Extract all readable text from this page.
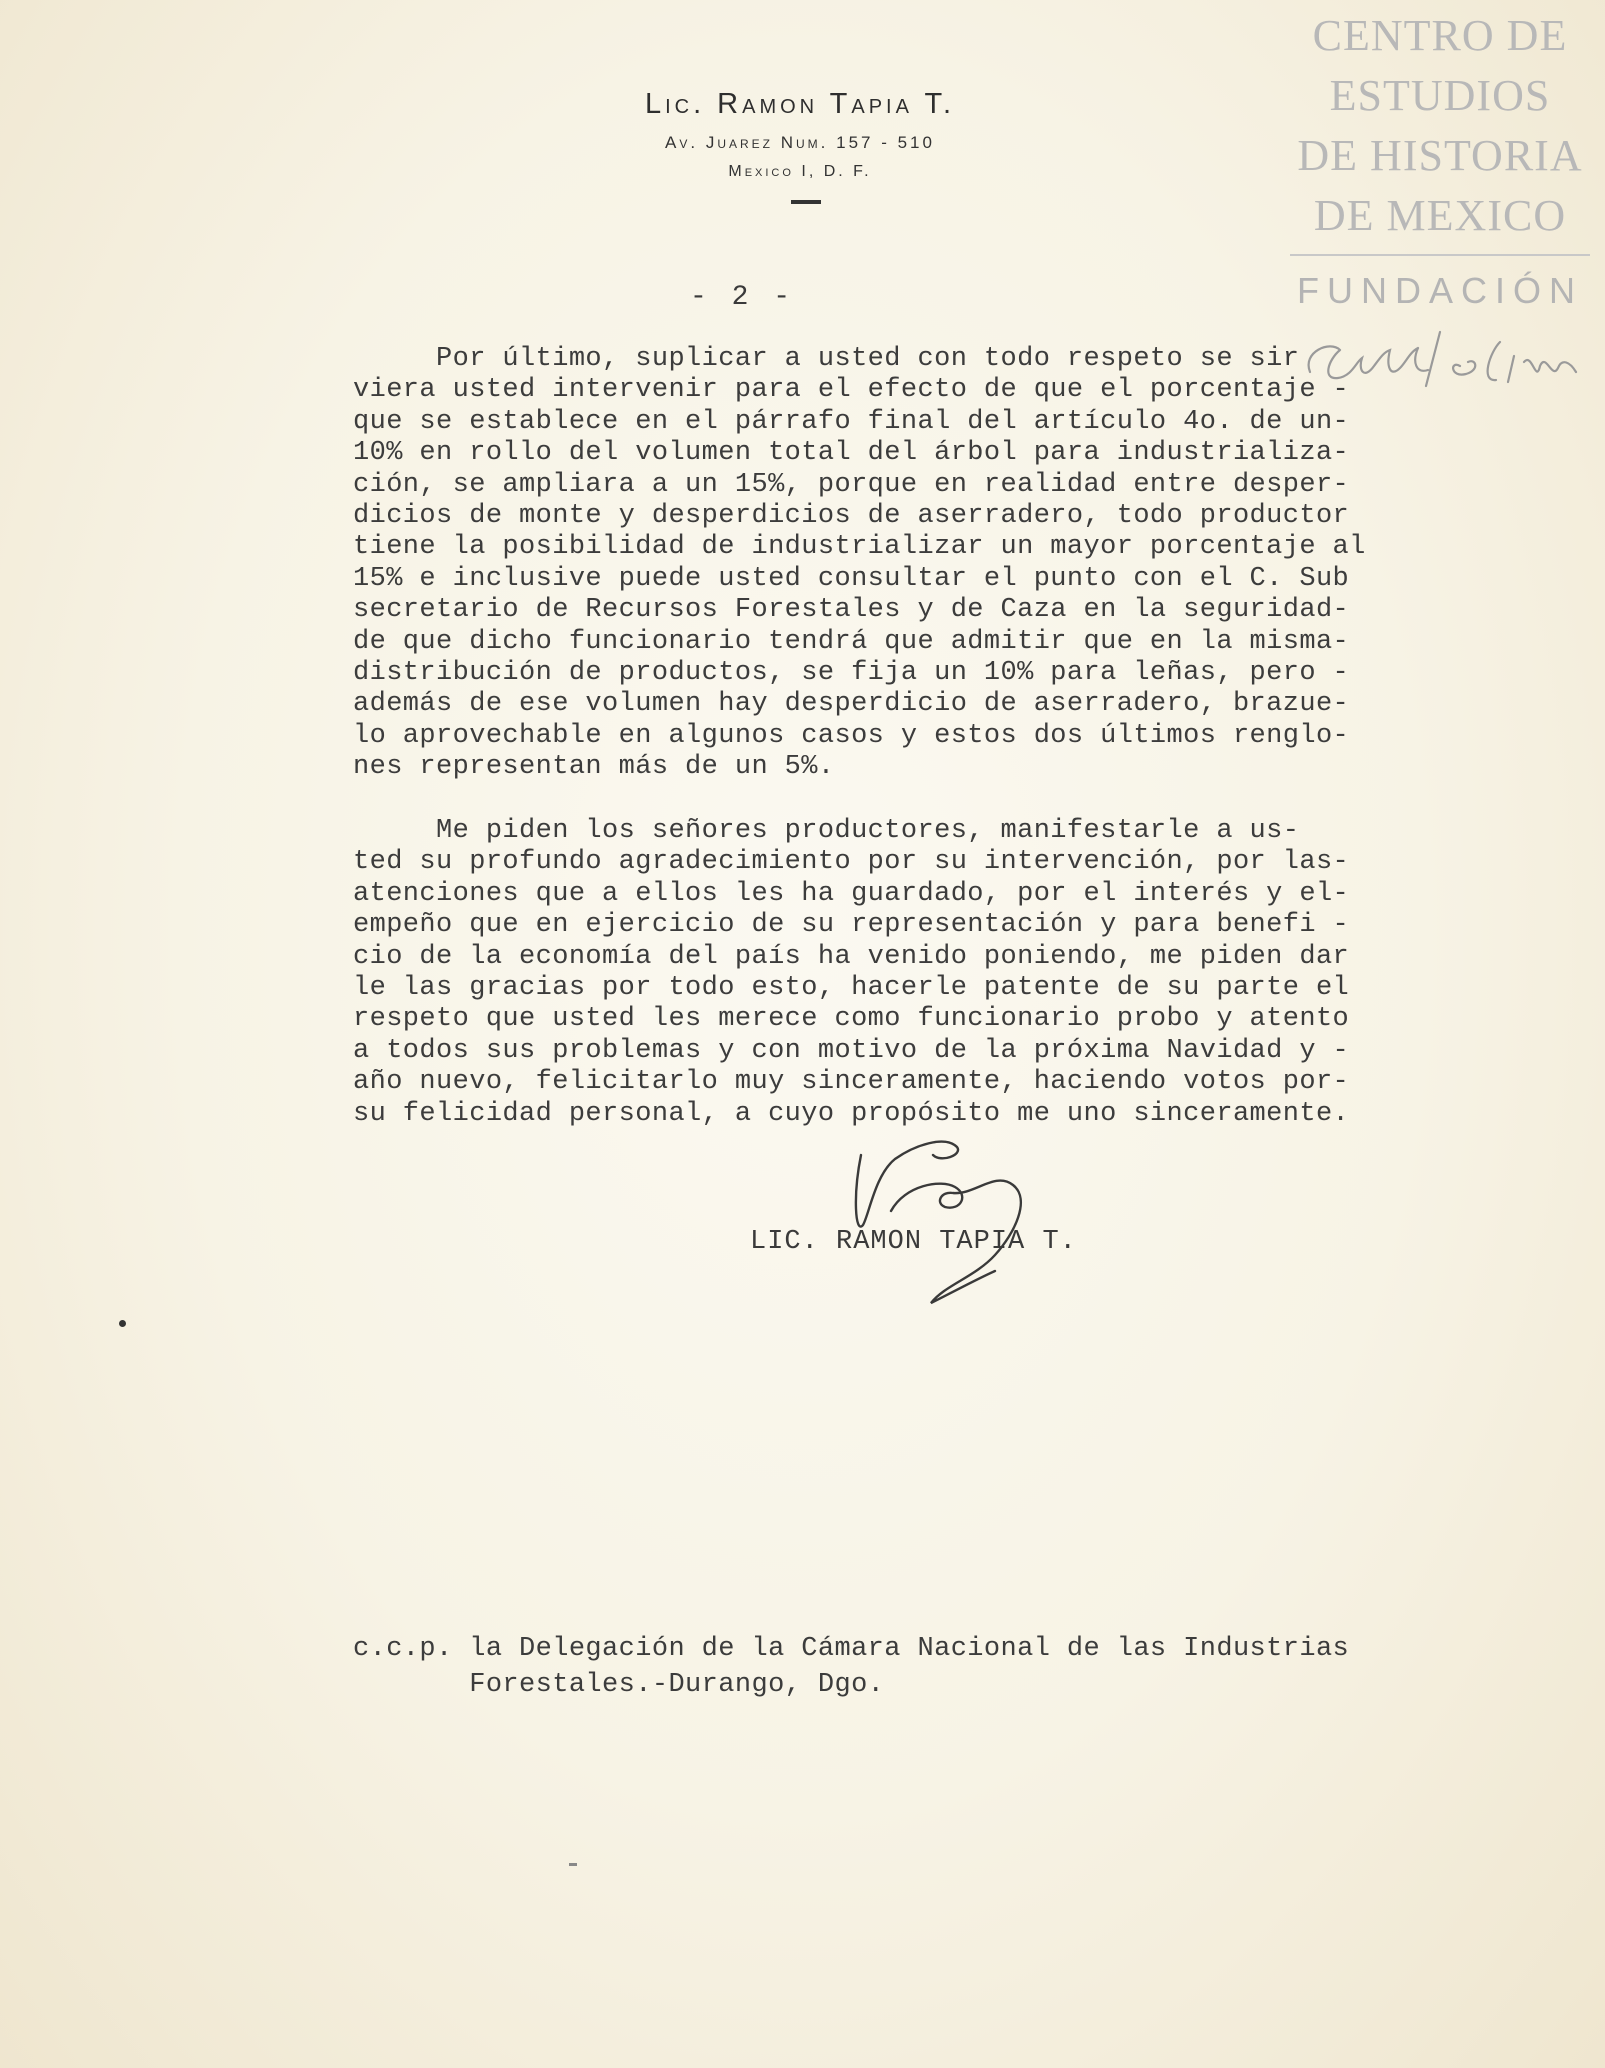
Lic. Ramon Tapia T.
Av. Juarez Num. 157 - 510
Mexico I, D. F.
CENTRO DE
ESTUDIOS
DE HISTORIA
DE MEXICO
FUNDACIÓN
- 2 -
Por último, suplicar a usted con todo respeto se sir
viera usted intervenir para el efecto de que el porcentaje -
que se establece en el párrafo final del artículo 4o. de un-
10% en rollo del volumen total del árbol para industrializa-
ción, se ampliara a un 15%, porque en realidad entre desper-
dicios de monte y desperdicios de aserradero, todo productor
tiene la posibilidad de industrializar un mayor porcentaje al
15% e inclusive puede usted consultar el punto con el C. Sub
secretario de Recursos Forestales y de Caza en la seguridad-
de que dicho funcionario tendrá que admitir que en la misma-
distribución de productos, se fija un 10% para leñas, pero -
además de ese volumen hay desperdicio de aserradero, brazue-
lo aprovechable en algunos casos y estos dos últimos renglo-
nes representan más de un 5%.
Me piden los señores productores, manifestarle a us-
ted su profundo agradecimiento por su intervención, por las-
atenciones que a ellos les ha guardado, por el interés y el-
empeño que en ejercicio de su representación y para benefi -
cio de la economía del país ha venido poniendo, me piden dar
le las gracias por todo esto, hacerle patente de su parte el
respeto que usted les merece como funcionario probo y atento
a todos sus problemas y con motivo de la próxima Navidad y -
año nuevo, felicitarlo muy sinceramente, haciendo votos por-
su felicidad personal, a cuyo propósito me uno sinceramente.
LIC. RAMON TAPIA T.
c.c.p. la Delegación de la Cámara Nacional de las Industrias
Forestales.-Durango, Dgo.
